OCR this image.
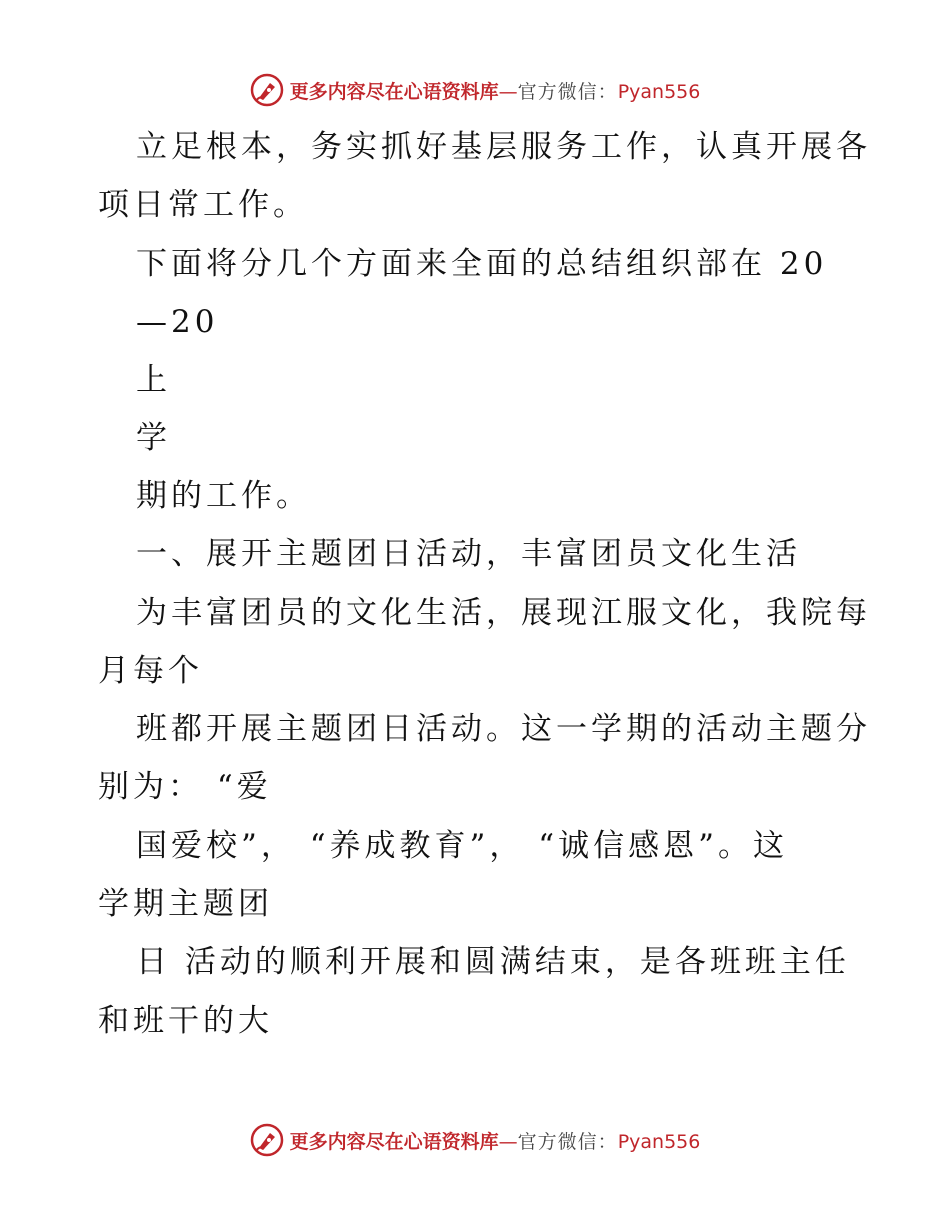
更多内容尽在心语资料库—官方微信：Pyan556
立足根本，务实抓好基层服务工作，认真开展各
项日常工作。
下面将分几个方面来全面的总结组织部在 20
—20
上
学
期的工作。
一、展开主题团日活动，丰富团员文化生活
为丰富团员的文化生活，展现江服文化，我院每
月每个
班都开展主题团日活动。这一学期的活动主题分
别为： “爱
国爱校”， “养成教育”， “诚信感恩”。这
学期主题团
日 活动的顺利开展和圆满结束，是各班班主任
和班干的大
更多内容尽在心语资料库—官方微信：Pyan556
